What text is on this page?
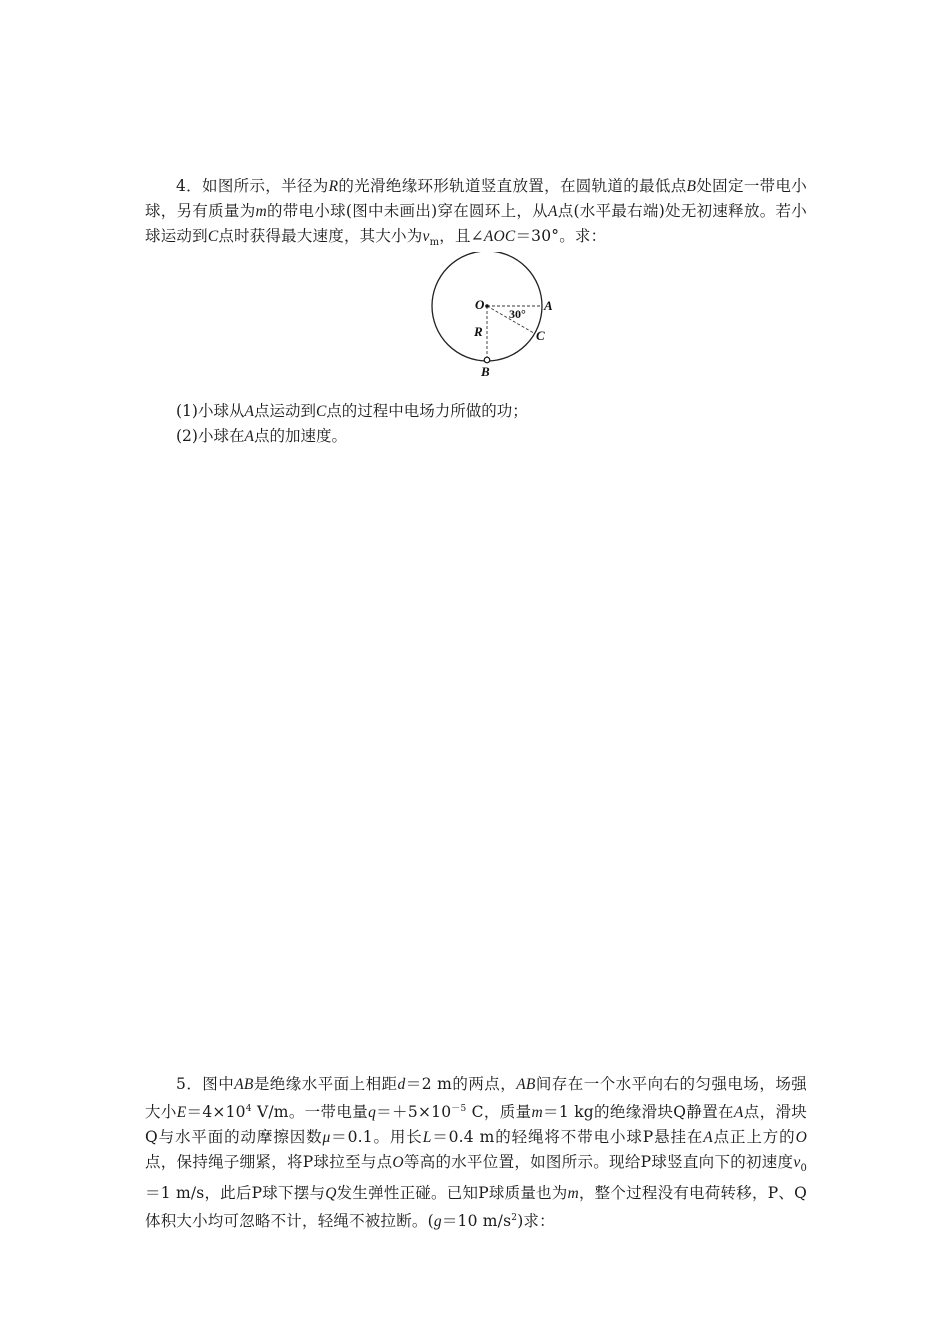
4．如图所示，半径为R的光滑绝缘环形轨道竖直放置，在圆轨道的最低点B处固定一带电小球，另有质量为m的带电小球(图中未画出)穿在圆环上，从A点(水平最右端)处无初速释放。若小球运动到C点时获得最大速度，其大小为$v_m$，且∠AOC＝30°。求：

O	A
C
R
B
30°
(1)小球从A点运动到C点的过程中电场力所做的功；
(2)小球在A点的加速度。

5．图中AB是绝缘水平面上相距d＝2 m的两点，AB间存在一个水平向右的匀强电场，场强大小$E=4\times 10^4$ V/m。一带电量$q=+5\times 10^{-5}$ C，质量m＝1 kg的绝缘滑块Q静置在A点，滑块Q与水平面的动摩擦因数μ＝0.1。用长L＝0.4 m的轻绳将不带电小球P悬挂在A点正上方的O点，保持绳子绷紧，将P球拉至与点O等高的水平位置，如图所示。现给P球竖直向下的初速度$v_0=1$ m/s，此后P球下摆与Q发生弹性正碰。已知P球质量也为m，整个过程没有电荷转移，P、Q体积大小均可忽略不计，轻绳不被拉断。(g＝10 $m/s^2$)求：
